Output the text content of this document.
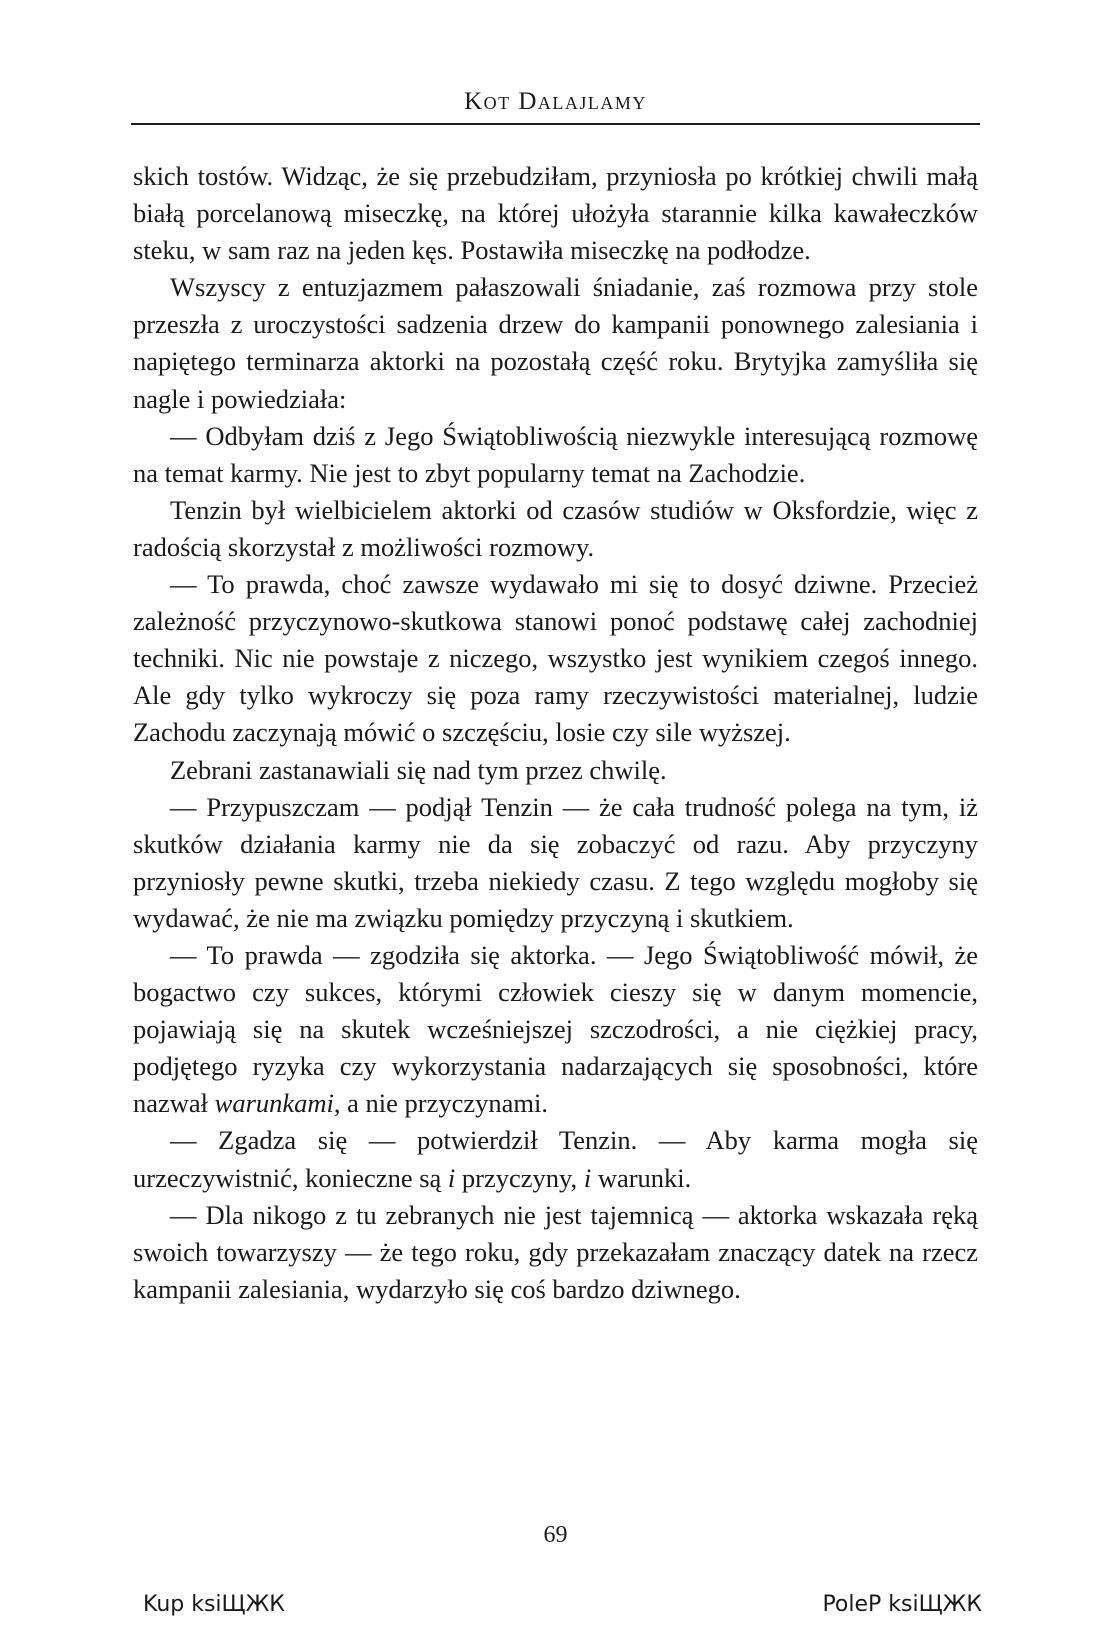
Kot Dalajlamy

skich tostów. Widząc, że się przebudziłam, przyniosła po krótkiej chwili małą białą porcelanową miseczkę, na której ułożyła starannie kilka kawałeczków steku, w sam raz na jeden kęs. Postawiła miseczkę na podłodze.

Wszyscy z entuzjazmem pałaszowali śniadanie, zaś rozmowa przy stole przeszła z uroczystości sadzenia drzew do kampanii ponownego zalesiania i napiętego terminarza aktorki na pozostałą część roku. Brytyjka zamyśliła się nagle i powiedziała:

— Odbyłam dziś z Jego Świątobliwością niezwykle interesującą rozmowę na temat karmy. Nie jest to zbyt popularny temat na Zachodzie.

Tenzin był wielbicielem aktorki od czasów studiów w Oksfordzie, więc z radością skorzystał z możliwości rozmowy.

— To prawda, choć zawsze wydawało mi się to dosyć dziwne. Przecież zależność przyczynowo-skutkowa stanowi ponoć podstawę całej zachodniej techniki. Nic nie powstaje z niczego, wszystko jest wynikiem czegoś innego. Ale gdy tylko wykroczy się poza ramy rzeczywistości materialnej, ludzie Zachodu zaczynają mówić o szczęściu, losie czy sile wyższej.

Zebrani zastanawiali się nad tym przez chwilę.

— Przypuszczam — podjął Tenzin — że cała trudność polega na tym, iż skutków działania karmy nie da się zobaczyć od razu. Aby przyczyny przyniosły pewne skutki, trzeba niekiedy czasu. Z tego względu mogłoby się wydawać, że nie ma związku pomiędzy przyczyną i skutkiem.

— To prawda — zgodziła się aktorka. — Jego Świątobliwość mówił, że bogactwo czy sukces, którymi człowiek cieszy się w danym momencie, pojawiają się na skutek wcześniejszej szczodrości, a nie ciężkiej pracy, podjętego ryzyka czy wykorzystania nadarzających się sposobności, które nazwał warunkami, a nie przyczynami.

— Zgadza się — potwierdził Tenzin. — Aby karma mogła się urzeczywistnić, konieczne są i przyczyny, i warunki.

— Dla nikogo z tu zebranych nie jest tajemnicą — aktorka wskazała ręką swoich towarzyszy — że tego roku, gdy przekazałam znaczący datek na rzecz kampanii zalesiania, wydarzyło się coś bardzo dziwnego.

69
Kup ksiЩЖК	PoleР ksiЩЖК
